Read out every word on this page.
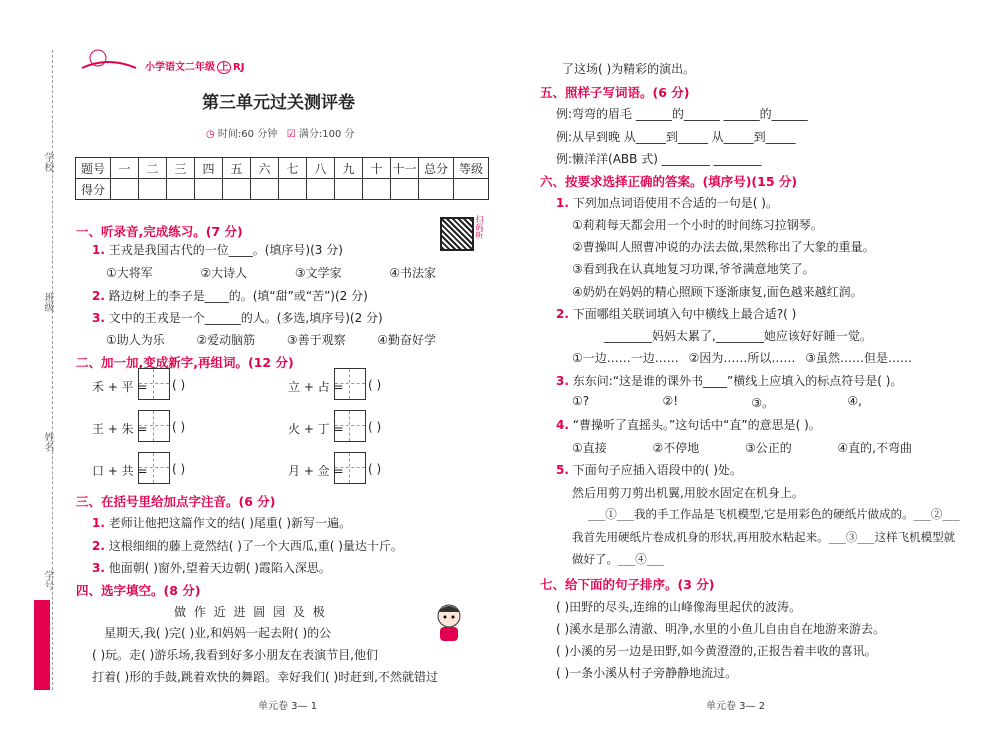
学校
班级
姓名
学号
小学语文二年级 上 RJ
第三单元过关测评卷
◷ 时间:60 分钟 ☑ 满分:100 分
题号	一	二	三	四	五	六	七	八	九	十	十一	总分	等级
得分													
扫码听
一、听录音,完成练习。(7 分)
1. 王戎是我国古代的一位____。(填序号)(3 分)
①大将军	②大诗人	③文学家	④书法家
2. 路边树上的李子是____的。(填“甜”或“苦”)(2 分)
3. 文中的王戎是一个______的人。(多选,填序号)(2 分)
①助人为乐	②爱动脑筋	③善于观察	④勤奋好学
二、加一加,变成新字,再组词。(12 分)
禾 + 平 = ( )	立 + 占 = ( )
王 + 朱 = ( )	火 + 丁 = ( )
口 + 共 = ( )	月 + 佥 = ( )
三、在括号里给加点字注音。(6 分)
1. 老师让他把这篇作文的结( )尾重( )新写一遍。
2. 这根细细的藤上竟然结( )了一个大西瓜,重( )量达十斤。
3. 他面朝( )窗外,望着天边朝( )霞陷入深思。
四、选字填空。(8 分)
做 作 近 进 圆 园 及 极
星期天,我( )完( )业,和妈妈一起去附( )的公
( )玩。走( )游乐场,我看到好多小朋友在表演节目,他们
打着( )形的手鼓,跳着欢快的舞蹈。幸好我们( )时赶到,不然就错过
单元卷 3— 1
了这场( )为精彩的演出。
五、照样子写词语。(6 分)
例:弯弯的眉毛 ______的______ ______的______
例:从早到晚 从_____到_____ 从_____到_____
例:懒洋洋(ABB 式) ________ ________
六、按要求选择正确的答案。(填序号)(15 分)
1. 下列加点词语使用不合适的一句是( )。
①莉莉每天都会用一个小时的时间练习拉钢琴。
②曹操叫人照曹冲说的办法去做,果然称出了大象的重量。
③看到我在认真地复习功课,爷爷满意地笑了。
④奶奶在妈妈的精心照顾下逐渐康复,面色越来越红润。
2. 下面哪组关联词填入句中横线上最合适?( )
________妈妈太累了,________她应该好好睡一觉。
①一边……一边…… ②因为……所以…… ③虽然……但是……
3. 东东问:“这是谁的课外书____”横线上应填入的标点符号是( )。
①?	②!	③。	④,
4. “曹操听了直摇头。”这句话中“直”的意思是( )。
①直接	②不停地	③公正的	④直的,不弯曲
5. 下面句子应插入语段中的( )处。
然后用剪刀剪出机翼,用胶水固定在机身上。
___①___我的手工作品是飞机模型,它是用彩色的硬纸片做成的。___②___
我首先用硬纸片卷成机身的形状,再用胶水粘起来。___③___这样飞机模型就
做好了。___④___
七、给下面的句子排序。(3 分)
( )田野的尽头,连绵的山峰像海里起伏的波涛。
( )溪水是那么清澈、明净,水里的小鱼儿自由自在地游来游去。
( )小溪的另一边是田野,如今黄澄澄的,正报告着丰收的喜讯。
( )一条小溪从村子旁静静地流过。
单元卷 3— 2
